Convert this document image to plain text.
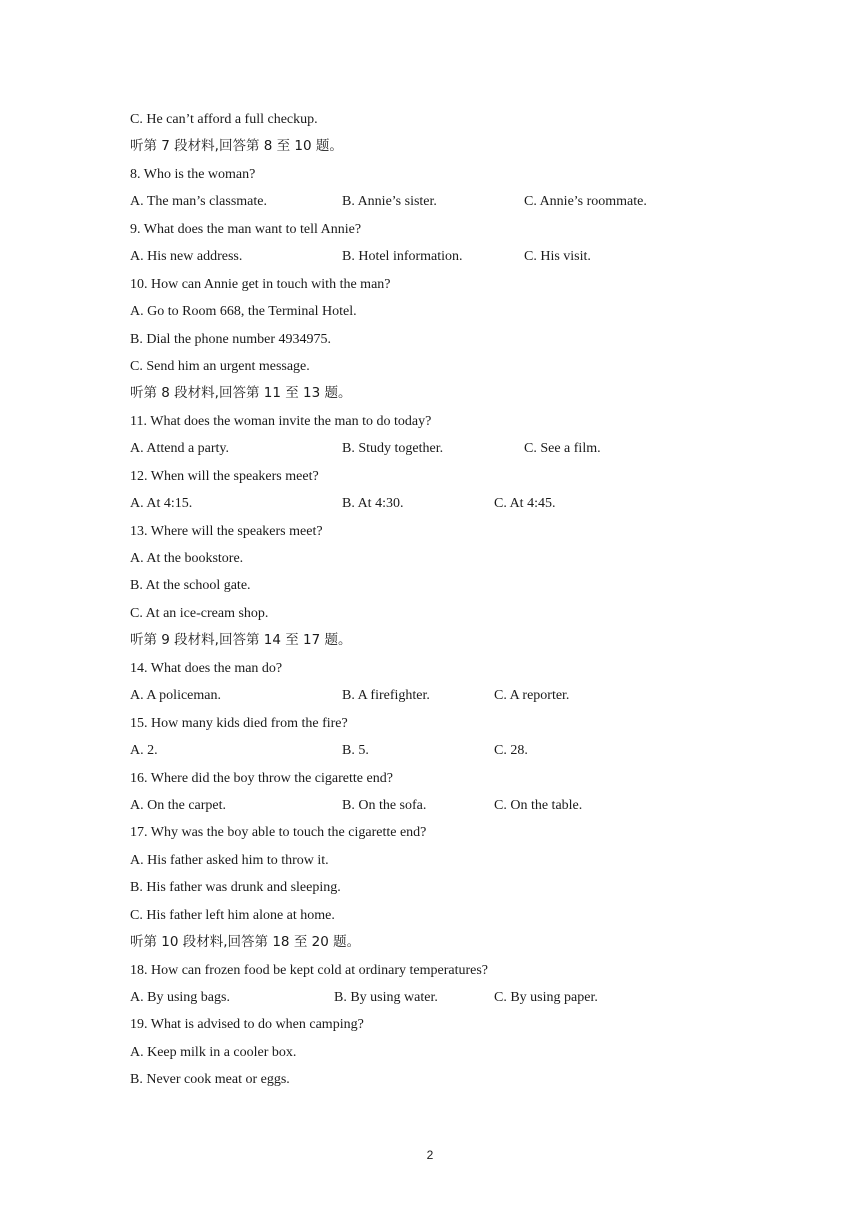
C. He can’t afford a full checkup.
听第 7 段材料,回答第 8 至 10 题。
8. Who is the woman?
A. The man’s classmate.	B. Annie’s sister.	C. Annie’s roommate.
9. What does the man want to tell Annie?
A. His new address.	B. Hotel information.	C. His visit.
10. How can Annie get in touch with the man?
A. Go to Room 668, the Terminal Hotel.
B. Dial the phone number 4934975.
C. Send him an urgent message.
听第 8 段材料,回答第 11 至 13 题。
11. What does the woman invite the man to do today?
A. Attend a party.	B. Study together.	C. See a film.
12. When will the speakers meet?
A. At 4:15.	B. At 4:30.	C. At 4:45.
13. Where will the speakers meet?
A. At the bookstore.
B. At the school gate.
C. At an ice-cream shop.
听第 9 段材料,回答第 14 至 17 题。
14. What does the man do?
A. A policeman.	B. A firefighter.	C. A reporter.
15. How many kids died from the fire?
A. 2.	B. 5.	C. 28.
16. Where did the boy throw the cigarette end?
A. On the carpet.	B. On the sofa.	C. On the table.
17. Why was the boy able to touch the cigarette end?
A. His father asked him to throw it.
B. His father was drunk and sleeping.
C. His father left him alone at home.
听第 10 段材料,回答第 18 至 20 题。
18. How can frozen food be kept cold at ordinary temperatures?
A. By using bags.	B. By using water.	C. By using paper.
19. What is advised to do when camping?
A. Keep milk in a cooler box.
B. Never cook meat or eggs.
2
